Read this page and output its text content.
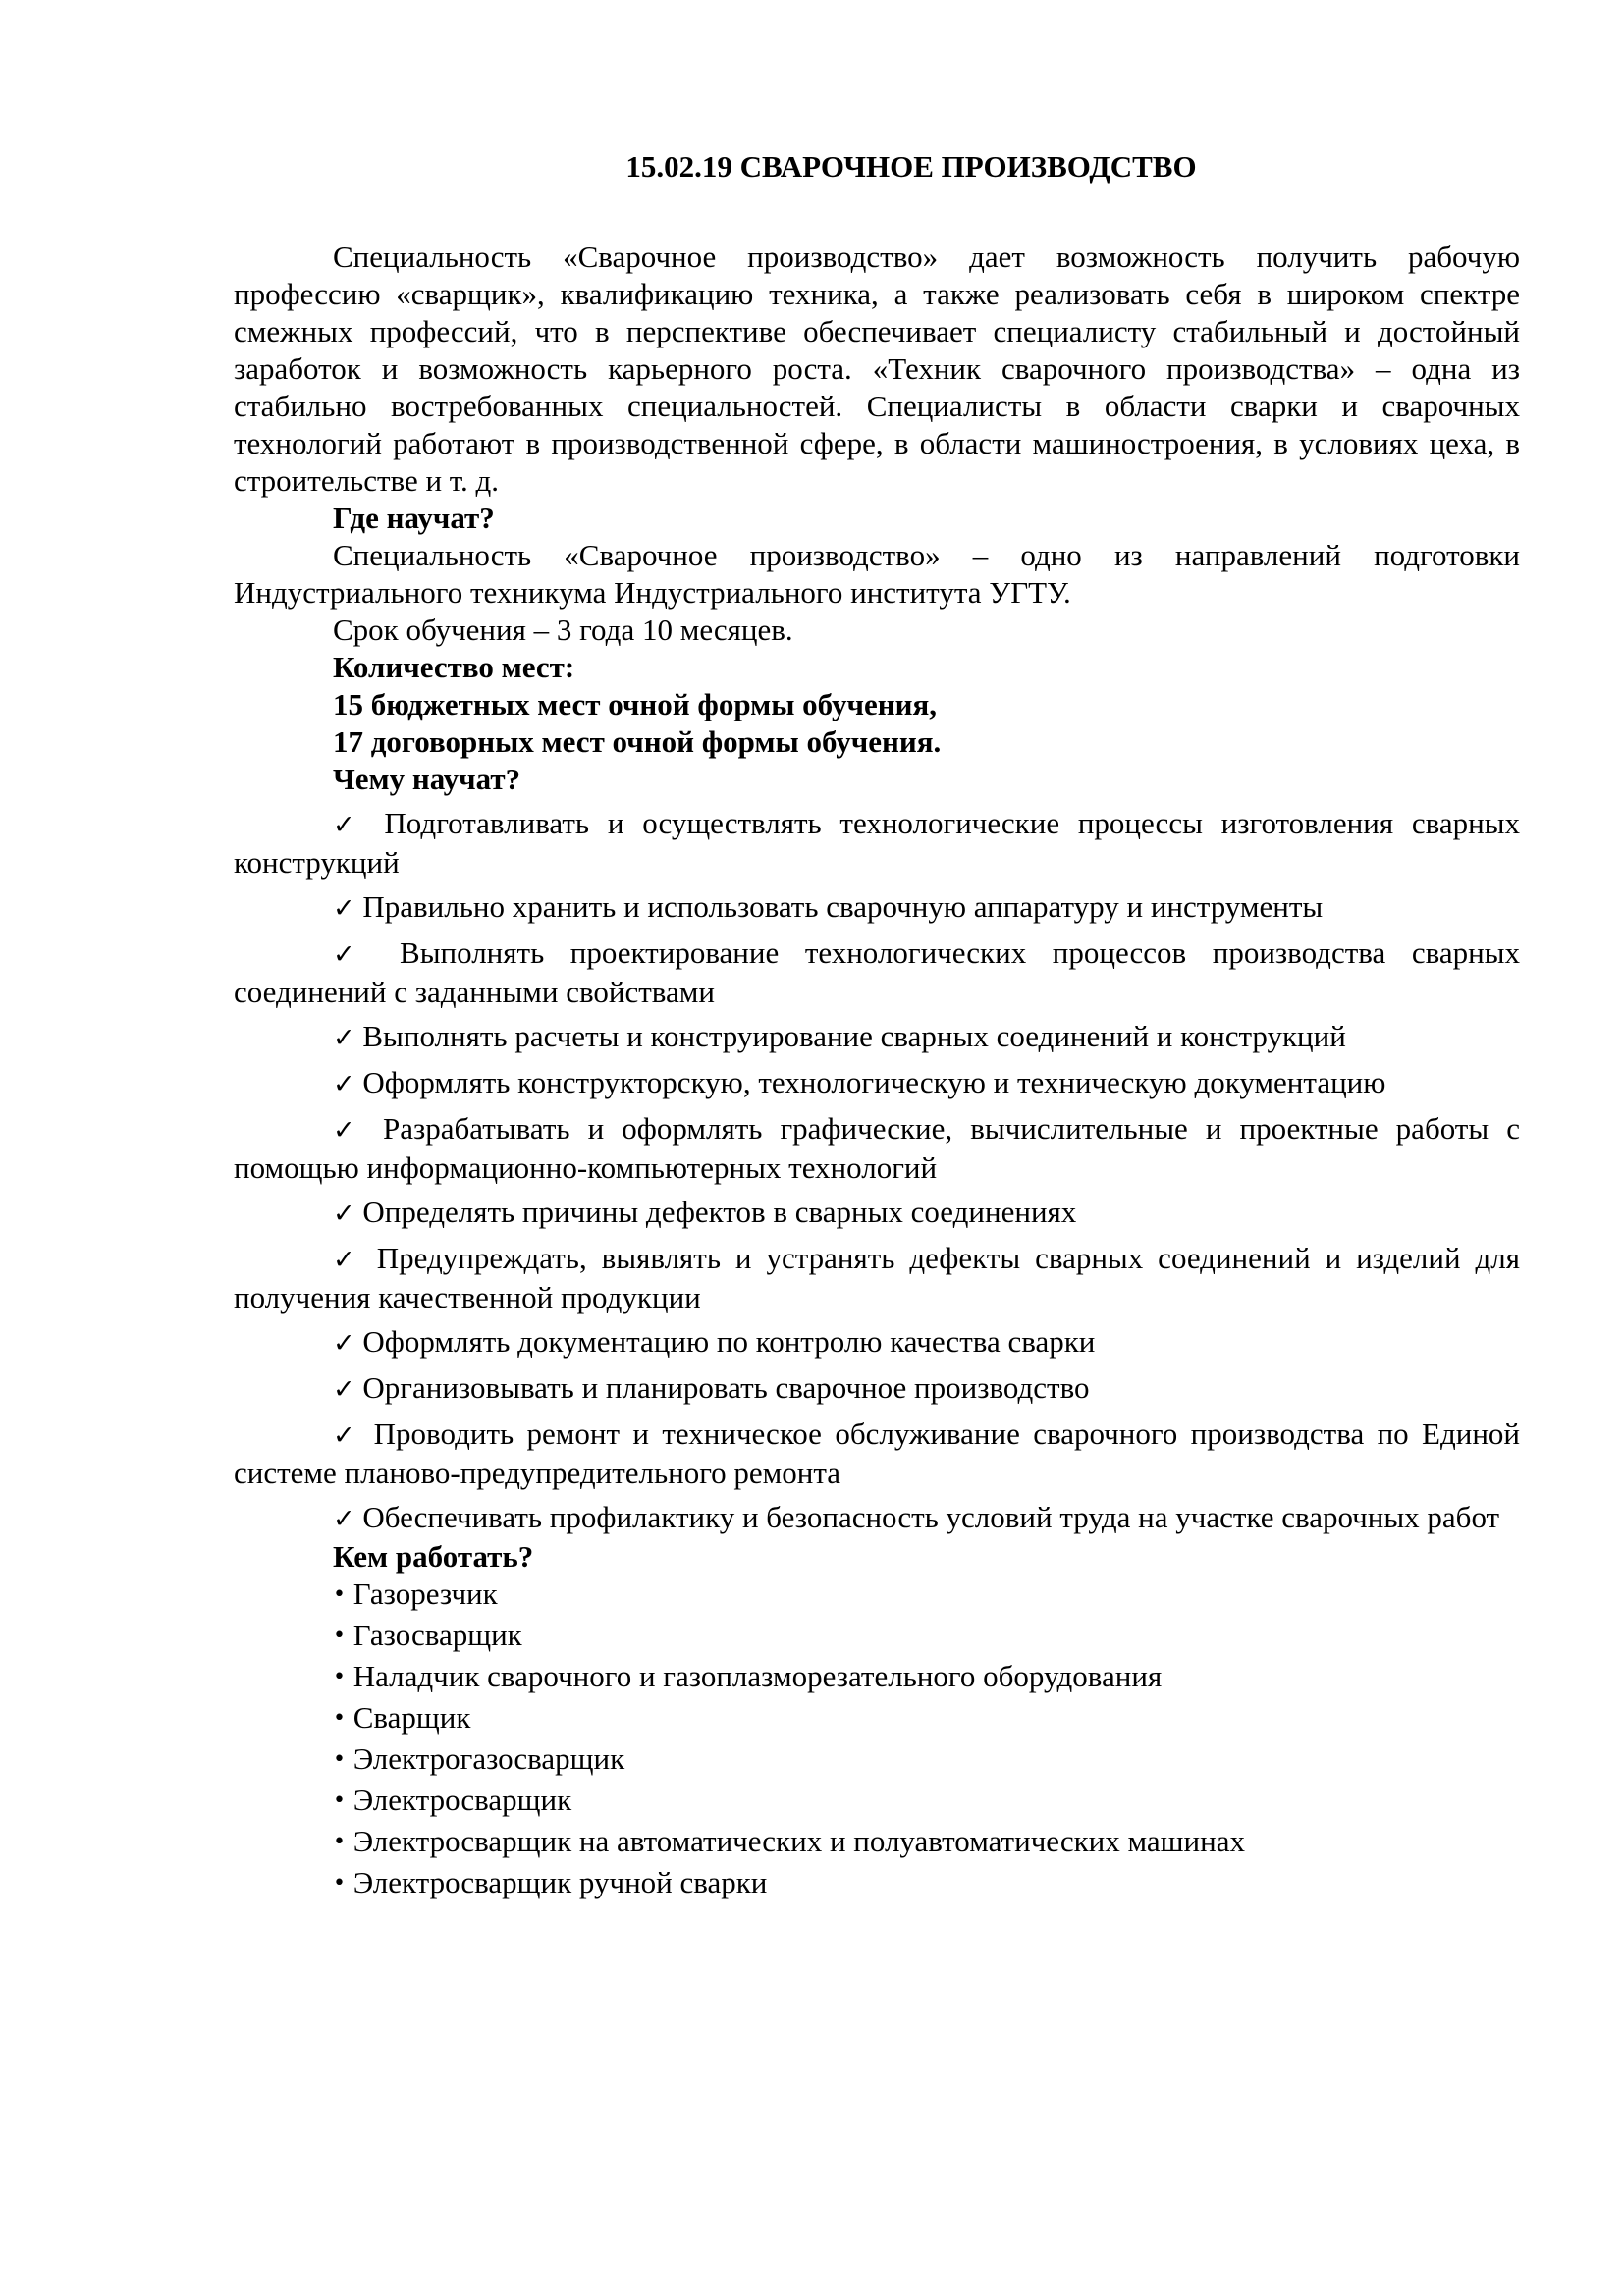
15.02.19 СВАРОЧНОЕ ПРОИЗВОДСТВО

Специальность «Сварочное производство» дает возможность получить рабочую профессию «сварщик», квалификацию техника, а также реализовать себя в широком спектре смежных профессий, что в перспективе обеспечивает специалисту стабильный и достойный заработок и возможность карьерного роста. «Техник сварочного производства» – одна из стабильно востребованных специальностей. Специалисты в области сварки и сварочных технологий работают в производственной сфере, в области машиностроения, в условиях цеха, в строительстве и т. д.

Где научат?

Специальность «Сварочное производство» – одно из направлений подготовки Индустриального техникума Индустриального института УГТУ.

Срок обучения – 3 года 10 месяцев.

Количество мест:

15 бюджетных мест очной формы обучения,

17 договорных мест очной формы обучения.

Чему научат?

✓ Подготавливать и осуществлять технологические процессы изготовления сварных конструкций

✓ Правильно хранить и использовать сварочную аппаратуру и инструменты

✓ Выполнять проектирование технологических процессов производства сварных соединений с заданными свойствами

✓ Выполнять расчеты и конструирование сварных соединений и конструкций

✓ Оформлять конструкторскую, технологическую и техническую документацию

✓ Разрабатывать и оформлять графические, вычислительные и проектные работы с помощью информационно-компьютерных технологий

✓ Определять причины дефектов в сварных соединениях

✓ Предупреждать, выявлять и устранять дефекты сварных соединений и изделий для получения качественной продукции

✓ Оформлять документацию по контролю качества сварки

✓ Организовывать и планировать сварочное производство

✓ Проводить ремонт и техническое обслуживание сварочного производства по Единой системе планово-предупредительного ремонта

✓ Обеспечивать профилактику и безопасность условий труда на участке сварочных работ

Кем работать?

• Газорезчик

• Газосварщик

• Наладчик сварочного и газоплазморезательного оборудования

• Сварщик

• Электрогазосварщик

• Электросварщик

• Электросварщик на автоматических и полуавтоматических машинах

• Электросварщик ручной сварки
